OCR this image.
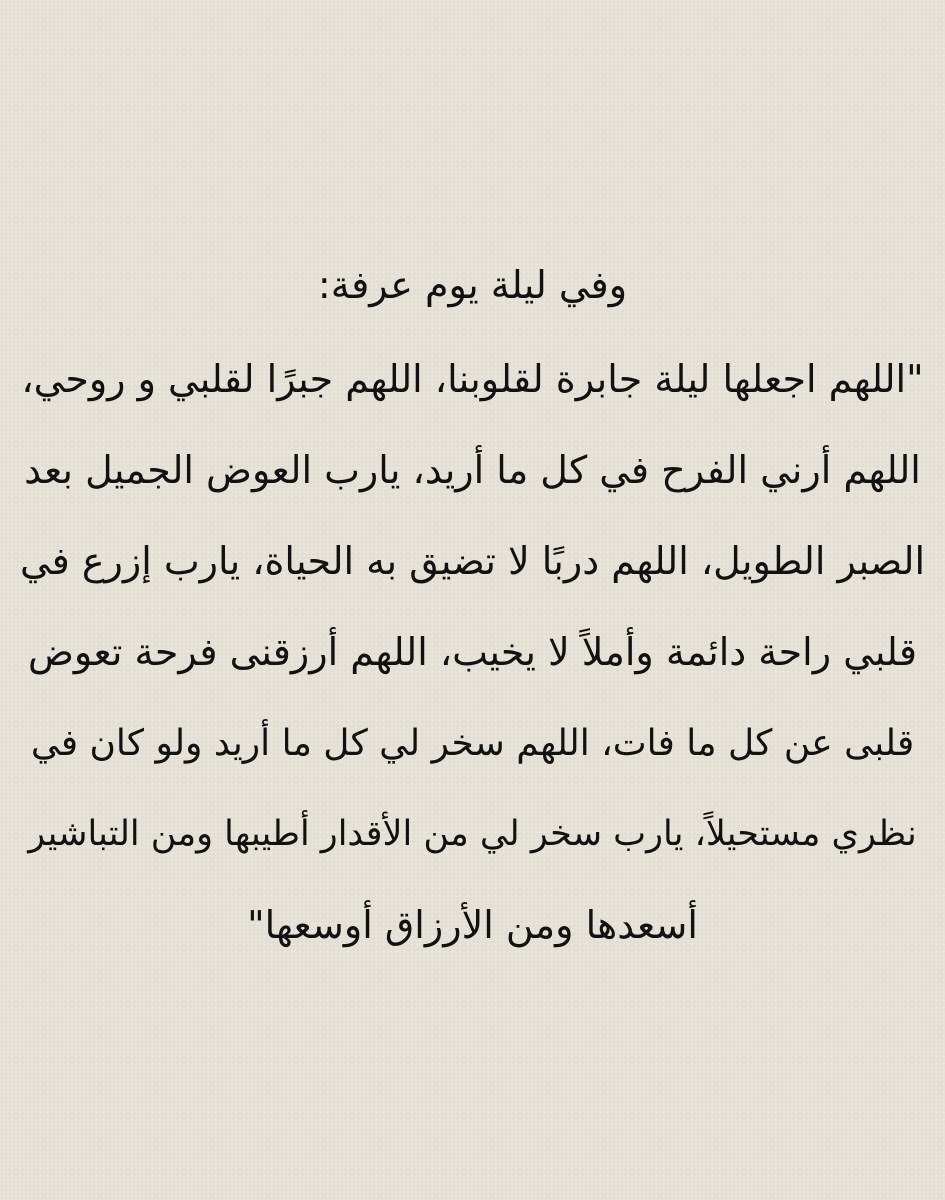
وفي ليلة يوم عرفة:
"اللهم اجعلها ليلة جابرة لقلوبنا، اللهم جبرًا لقلبي و روحي،
اللهم أرني الفرح في كل ما أريد، يارب العوض الجميل بعد
الصبر الطويل، اللهم دربًا لا تضيق به الحياة، يارب إزرع في
قلبي راحة دائمة وأملاً لا يخيب، اللهم أرزقنى فرحة تعوض
قلبى عن كل ما فات، اللهم سخر لي كل ما أريد ولو كان في
نظري مستحيلاً، يارب سخر لي من الأقدار أطيبها ومن التباشير
أسعدها ومن الأرزاق أوسعها"
